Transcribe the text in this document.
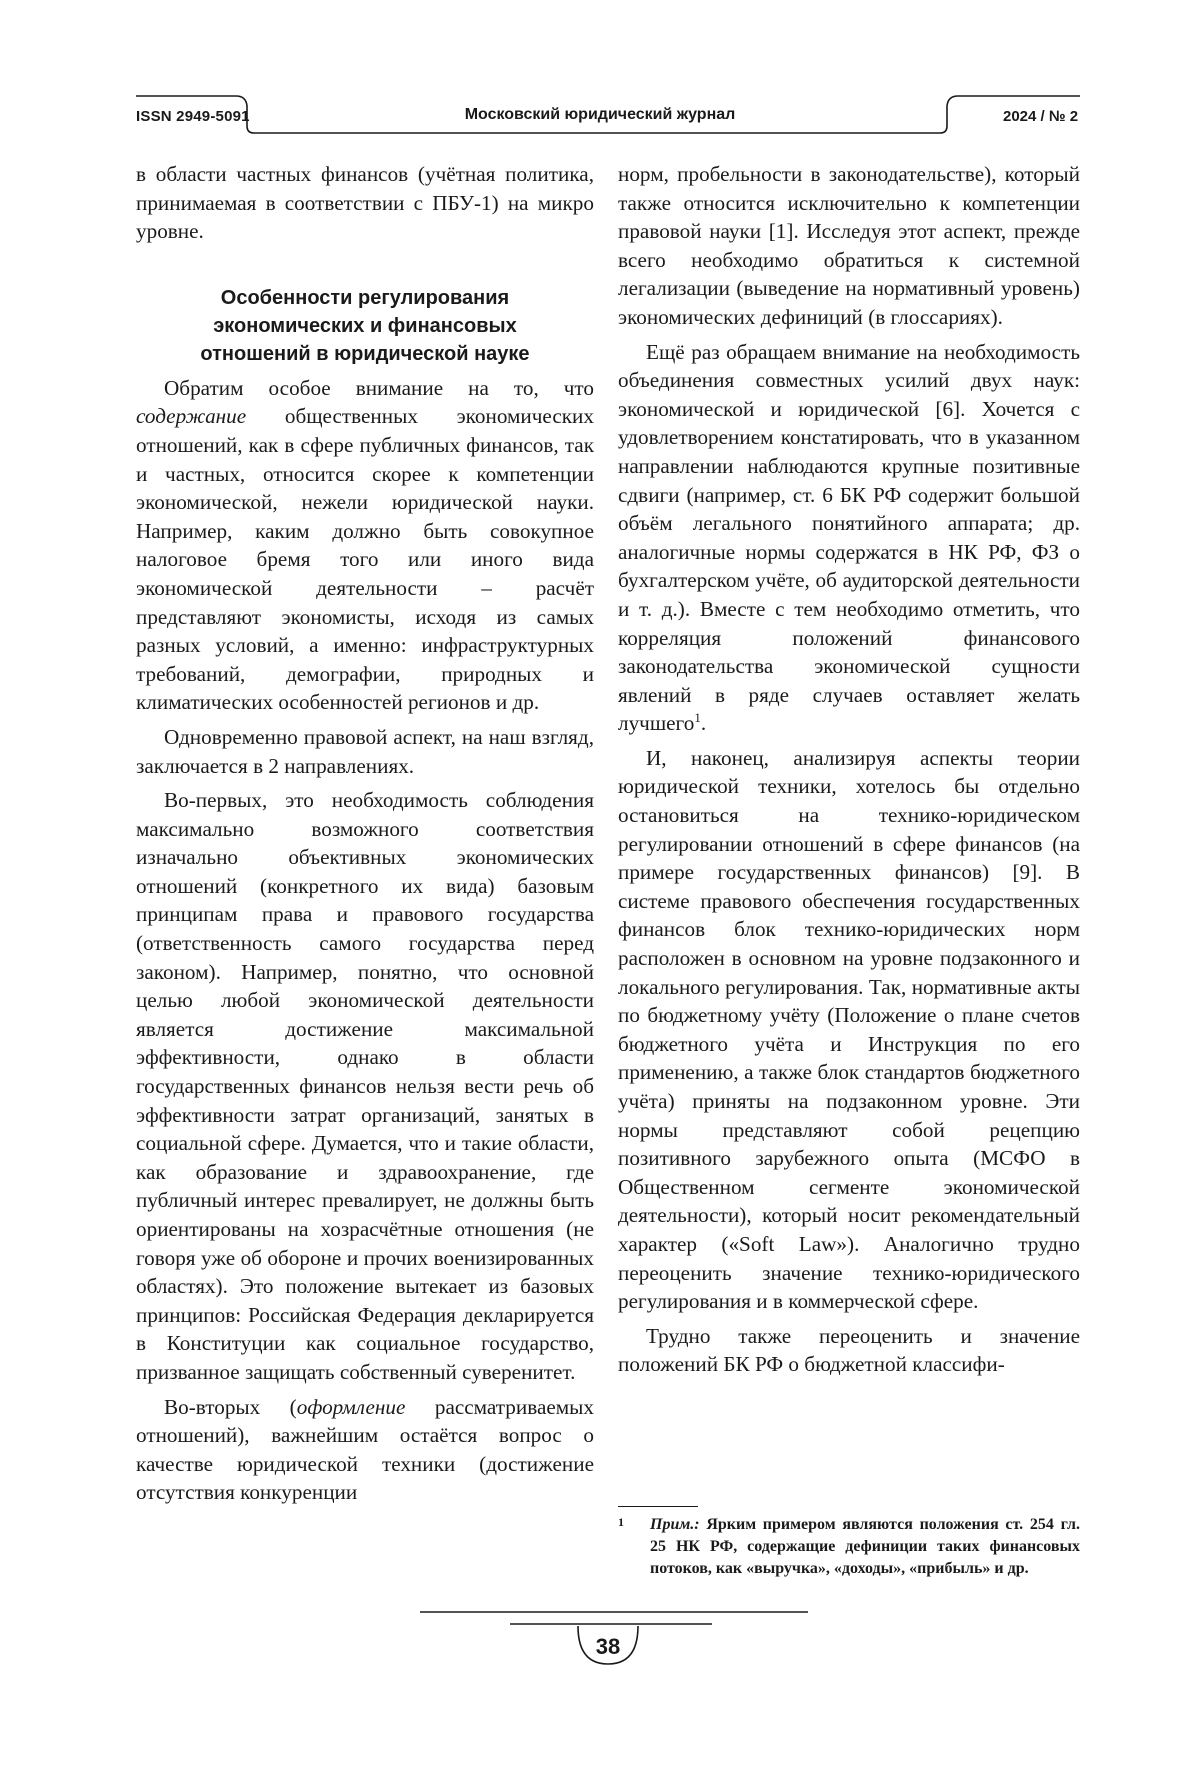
ISSN 2949-5091	Московский юридический журнал	2024 / № 2

в области частных финансов (учётная политика, принимаемая в соответствии с ПБУ-1) на микро уровне.

Особенности регулирования
экономических и финансовых
отношений в юридической науке

Обратим особое внимание на то, что содержание общественных экономических отношений, как в сфере публичных финансов, так и частных, относится скорее к компетенции экономической, нежели юридической науки. Например, каким должно быть совокупное налоговое бремя того или иного вида экономической деятельности – расчёт представляют экономисты, исходя из самых разных условий, а именно: инфраструктурных требований, демографии, природных и климатических особенностей регионов и др.

Одновременно правовой аспект, на наш взгляд, заключается в 2 направлениях.

Во-первых, это необходимость соблюдения максимально возможного соответствия изначально объективных экономических отношений (конкретного их вида) базовым принципам права и правового государства (ответственность самого государства перед законом). Например, понятно, что основной целью любой экономической деятельности является достижение максимальной эффективности, однако в области государственных финансов нельзя вести речь об эффективности затрат организаций, занятых в социальной сфере. Думается, что и такие области, как образование и здравоохранение, где публичный интерес превалирует, не должны быть ориентированы на хозрасчётные отношения (не говоря уже об обороне и прочих военизированных областях). Это положение вытекает из базовых принципов: Российская Федерация декларируется в Конституции как социальное государство, призванное защищать собственный суверенитет.

Во-вторых (оформление рассматриваемых отношений), важнейшим остаётся вопрос о качестве юридической техники (достижение отсутствия конкуренции

норм, пробельности в законодательстве), который также относится исключительно к компетенции правовой науки [1]. Исследуя этот аспект, прежде всего необходимо обратиться к системной легализации (выведение на нормативный уровень) экономических дефиниций (в глоссариях).

Ещё раз обращаем внимание на необходимость объединения совместных усилий двух наук: экономической и юридической [6]. Хочется с удовлетворением констатировать, что в указанном направлении наблюдаются крупные позитивные сдвиги (например, ст. 6 БК РФ содержит большой объём легального понятийного аппарата; др. аналогичные нормы содержатся в НК РФ, ФЗ о бухгалтерском учёте, об аудиторской деятельности и т. д.). Вместе с тем необходимо отметить, что корреляция положений финансового законодательства экономической сущности явлений в ряде случаев оставляет желать лучшего$^1$.

И, наконец, анализируя аспекты теории юридической техники, хотелось бы отдельно остановиться на технико-юридическом регулировании отношений в сфере финансов (на примере государственных финансов) [9]. В системе правового обеспечения государственных финансов блок технико-юридических норм расположен в основном на уровне подзаконного и локального регулирования. Так, нормативные акты по бюджетному учёту (Положение о плане счетов бюджетного учёта и Инструкция по его применению, а также блок стандартов бюджетного учёта) приняты на подзаконном уровне. Эти нормы представляют собой рецепцию позитивного зарубежного опыта (МСФО в Общественном сегменте экономической деятельности), который носит рекомендательный характер («Soft Law»). Аналогично трудно переоценить значение технико-юридического регулирования и в коммерческой сфере.

Трудно также переоценить и значение положений БК РФ о бюджетной классифи-

1	Прим.: Ярким примером являются положения ст. 254 гл. 25 НК РФ, содержащие дефиниции таких финансовых потоков, как «выручка», «доходы», «прибыль» и др.
38
